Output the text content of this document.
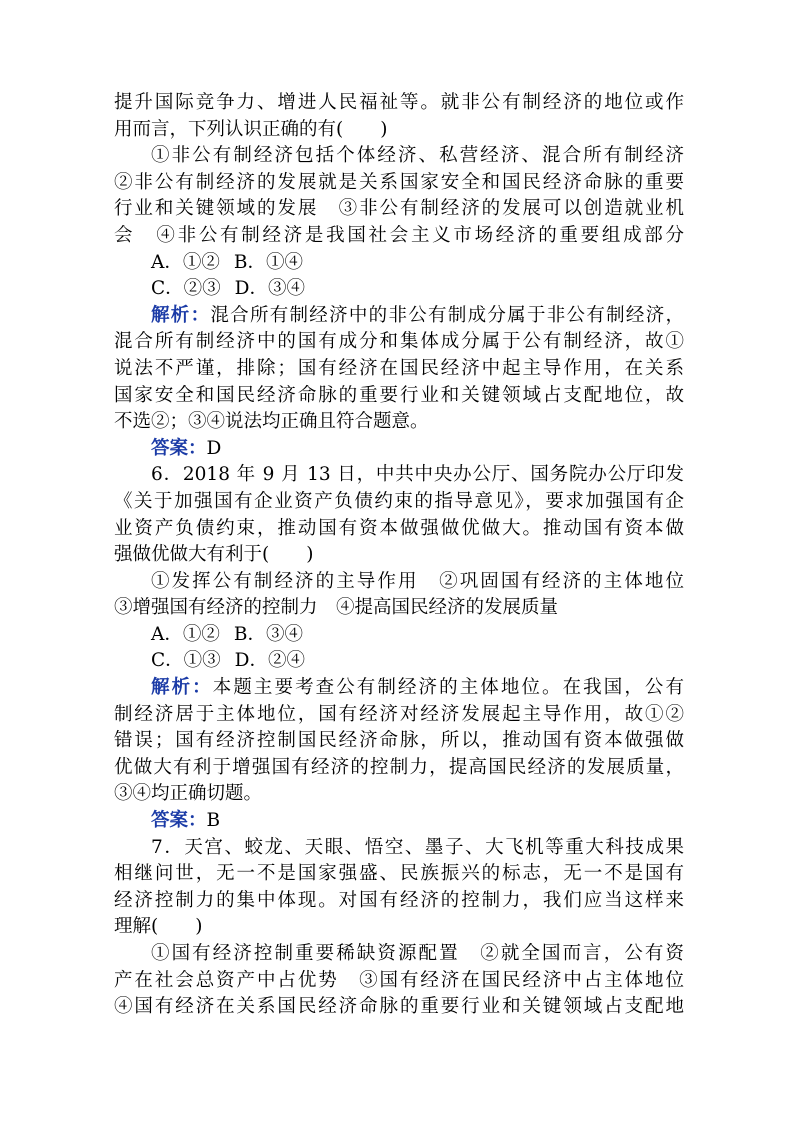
提升国际竞争力、增进人民福祉等。就非公有制经济的地位或作
用而言，下列认识正确的有(　　)
①非公有制经济包括个体经济、私营经济、混合所有制经济
②非公有制经济的发展就是关系国家安全和国民经济命脉的重要
行业和关键领域的发展　③非公有制经济的发展可以创造就业机
会　④非公有制经济是我国社会主义市场经济的重要组成部分
A．①② B．①④
C．②③ D．③④
解析：混合所有制经济中的非公有制成分属于非公有制经济，
混合所有制经济中的国有成分和集体成分属于公有制经济，故①
说法不严谨，排除；国有经济在国民经济中起主导作用，在关系
国家安全和国民经济命脉的重要行业和关键领域占支配地位，故
不选②；③④说法均正确且符合题意。
答案：D
6．2018 年 9 月 13 日，中共中央办公厅、国务院办公厅印发
《关于加强国有企业资产负债约束的指导意见》，要求加强国有企
业资产负债约束，推动国有资本做强做优做大。推动国有资本做
强做优做大有利于(　　)
①发挥公有制经济的主导作用　②巩固国有经济的主体地位
③增强国有经济的控制力　④提高国民经济的发展质量
A．①② B．③④
C．①③ D．②④
解析：本题主要考查公有制经济的主体地位。在我国，公有
制经济居于主体地位，国有经济对经济发展起主导作用，故①②
错误；国有经济控制国民经济命脉，所以，推动国有资本做强做
优做大有利于增强国有经济的控制力，提高国民经济的发展质量，
③④均正确切题。
答案：B
7．天宫、蛟龙、天眼、悟空、墨子、大飞机等重大科技成果
相继问世，无一不是国家强盛、民族振兴的标志，无一不是国有
经济控制力的集中体现。对国有经济的控制力，我们应当这样来
理解(　　)
①国有经济控制重要稀缺资源配置　②就全国而言，公有资
产在社会总资产中占优势　③国有经济在国民经济中占主体地位
④国有经济在关系国民经济命脉的重要行业和关键领域占支配地
